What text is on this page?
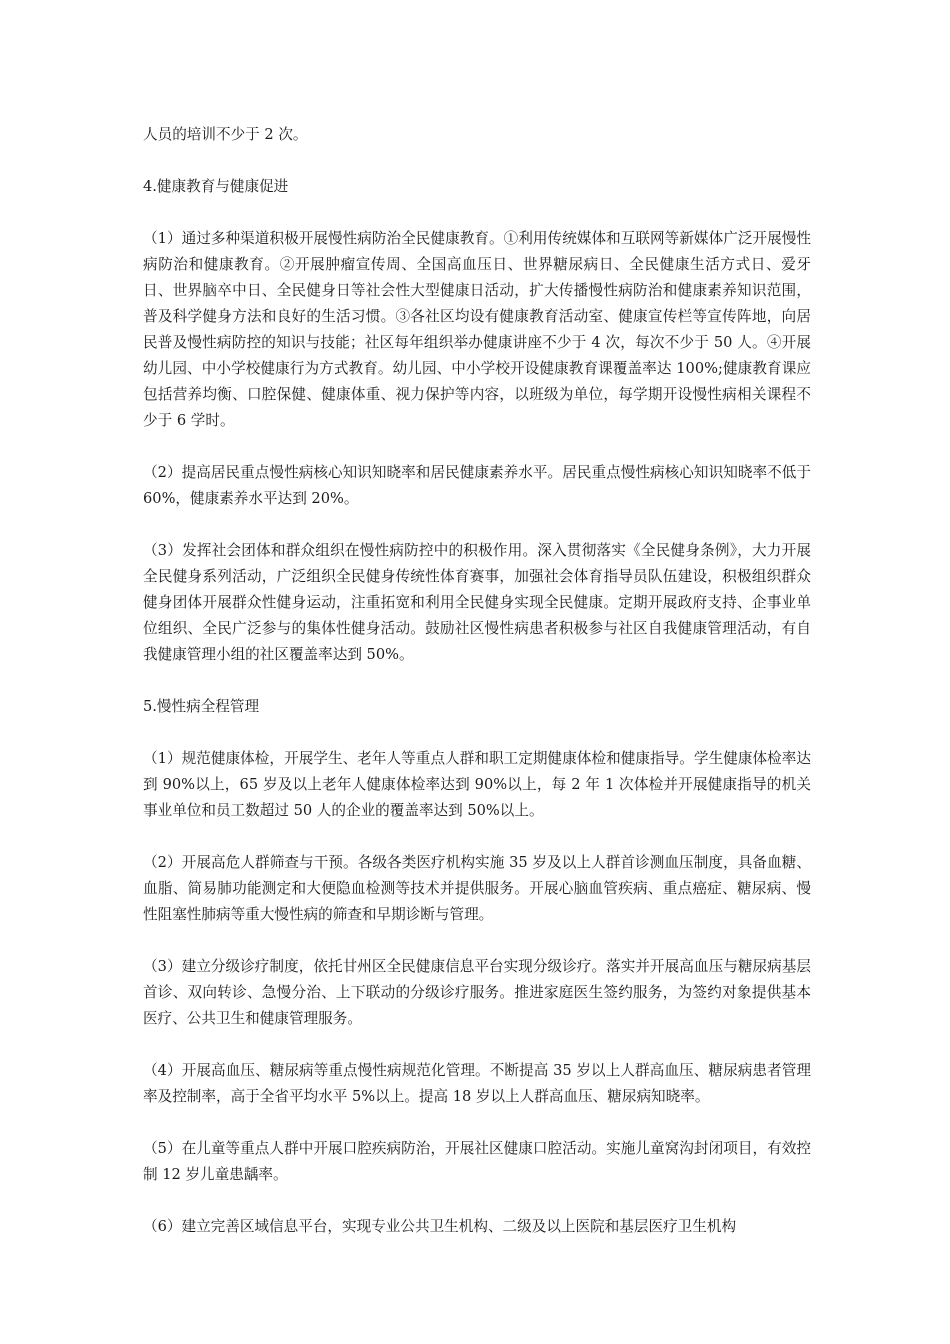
人员的培训不少于 2 次。

4.健康教育与健康促进

（1）通过多种渠道积极开展慢性病防治全民健康教育。①利用传统媒体和互联网等新媒体广泛开展慢性病防治和健康教育。②开展肿瘤宣传周、全国高血压日、世界糖尿病日、全民健康生活方式日、爱牙日、世界脑卒中日、全民健身日等社会性大型健康日活动，扩大传播慢性病防治和健康素养知识范围，普及科学健身方法和良好的生活习惯。③各社区均设有健康教育活动室、健康宣传栏等宣传阵地，向居民普及慢性病防控的知识与技能；社区每年组织举办健康讲座不少于 4 次，每次不少于 50 人。④开展幼儿园、中小学校健康行为方式教育。幼儿园、中小学校开设健康教育课覆盖率达 100%;健康教育课应包括营养均衡、口腔保健、健康体重、视力保护等内容，以班级为单位，每学期开设慢性病相关课程不少于 6 学时。

（2）提高居民重点慢性病核心知识知晓率和居民健康素养水平。居民重点慢性病核心知识知晓率不低于 60%，健康素养水平达到 20%。

（3）发挥社会团体和群众组织在慢性病防控中的积极作用。深入贯彻落实《全民健身条例》，大力开展全民健身系列活动，广泛组织全民健身传统性体育赛事，加强社会体育指导员队伍建设，积极组织群众健身团体开展群众性健身运动，注重拓宽和利用全民健身实现全民健康。定期开展政府支持、企事业单位组织、全民广泛参与的集体性健身活动。鼓励社区慢性病患者积极参与社区自我健康管理活动，有自我健康管理小组的社区覆盖率达到 50%。

5.慢性病全程管理

（1）规范健康体检，开展学生、老年人等重点人群和职工定期健康体检和健康指导。学生健康体检率达到 90%以上，65 岁及以上老年人健康体检率达到 90%以上，每 2 年 1 次体检并开展健康指导的机关事业单位和员工数超过 50 人的企业的覆盖率达到 50%以上。

（2）开展高危人群筛查与干预。各级各类医疗机构实施 35 岁及以上人群首诊测血压制度，具备血糖、血脂、简易肺功能测定和大便隐血检测等技术并提供服务。开展心脑血管疾病、重点癌症、糖尿病、慢性阻塞性肺病等重大慢性病的筛查和早期诊断与管理。

（3）建立分级诊疗制度，依托甘州区全民健康信息平台实现分级诊疗。落实并开展高血压与糖尿病基层首诊、双向转诊、急慢分治、上下联动的分级诊疗服务。推进家庭医生签约服务，为签约对象提供基本医疗、公共卫生和健康管理服务。

（4）开展高血压、糖尿病等重点慢性病规范化管理。不断提高 35 岁以上人群高血压、糖尿病患者管理率及控制率，高于全省平均水平 5%以上。提高 18 岁以上人群高血压、糖尿病知晓率。

（5）在儿童等重点人群中开展口腔疾病防治，开展社区健康口腔活动。实施儿童窝沟封闭项目，有效控制 12 岁儿童患龋率。

（6）建立完善区域信息平台，实现专业公共卫生机构、二级及以上医院和基层医疗卫生机构
